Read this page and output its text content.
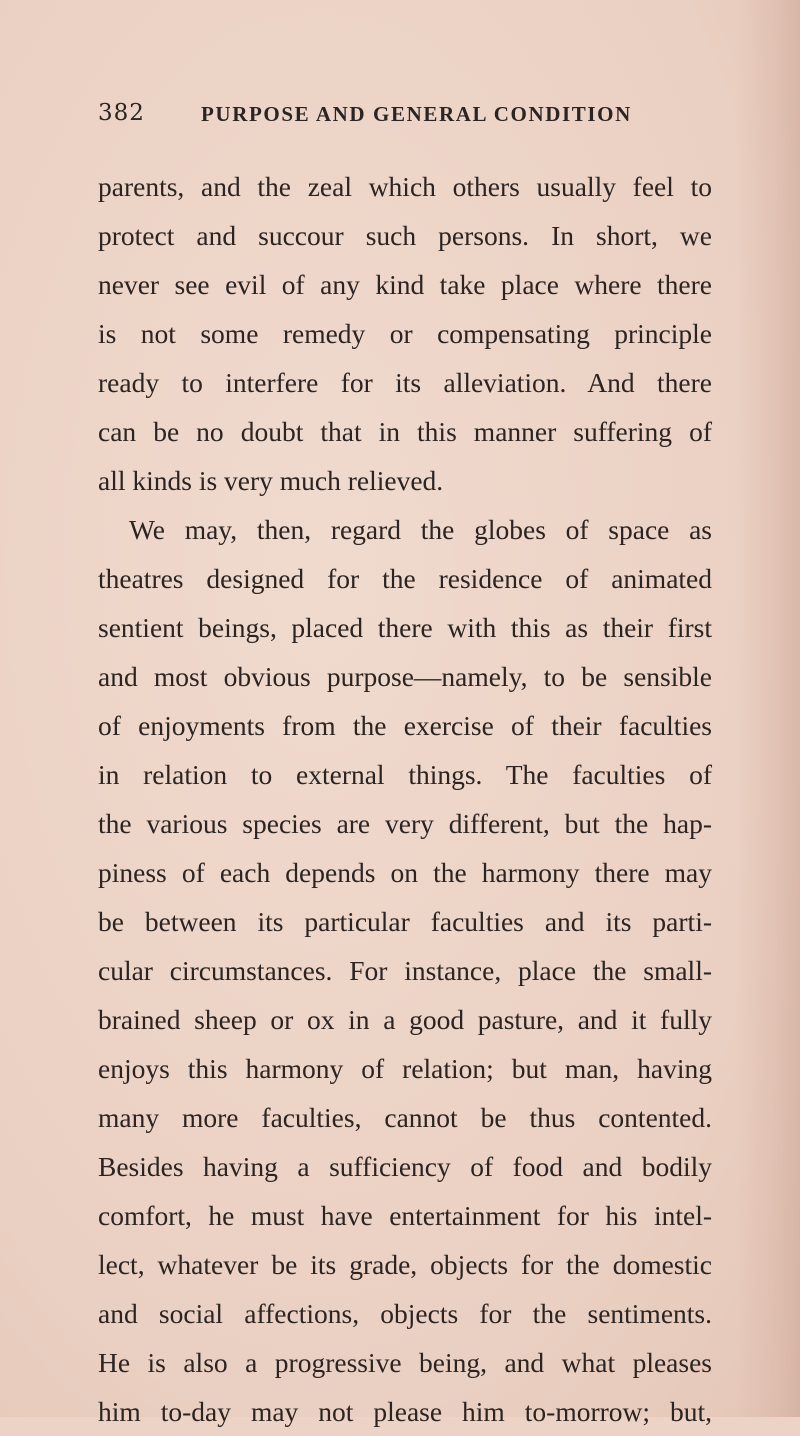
382	PURPOSE AND GENERAL CONDITION
parents, and the zeal which others usually feel to
protect and succour such persons. In short, we
never see evil of any kind take place where there
is not some remedy or compensating principle
ready to interfere for its alleviation. And there
can be no doubt that in this manner suffering of
all kinds is very much relieved.
We may, then, regard the globes of space as
theatres designed for the residence of animated
sentient beings, placed there with this as their first
and most obvious purpose—namely, to be sensible
of enjoyments from the exercise of their faculties
in relation to external things. The faculties of
the various species are very different, but the hap-
piness of each depends on the harmony there may
be between its particular faculties and its parti-
cular circumstances. For instance, place the small-
brained sheep or ox in a good pasture, and it fully
enjoys this harmony of relation; but man, having
many more faculties, cannot be thus contented.
Besides having a sufficiency of food and bodily
comfort, he must have entertainment for his intel-
lect, whatever be its grade, objects for the domestic
and social affections, objects for the sentiments.
He is also a progressive being, and what pleases
him to-day may not please him to-morrow; but,
